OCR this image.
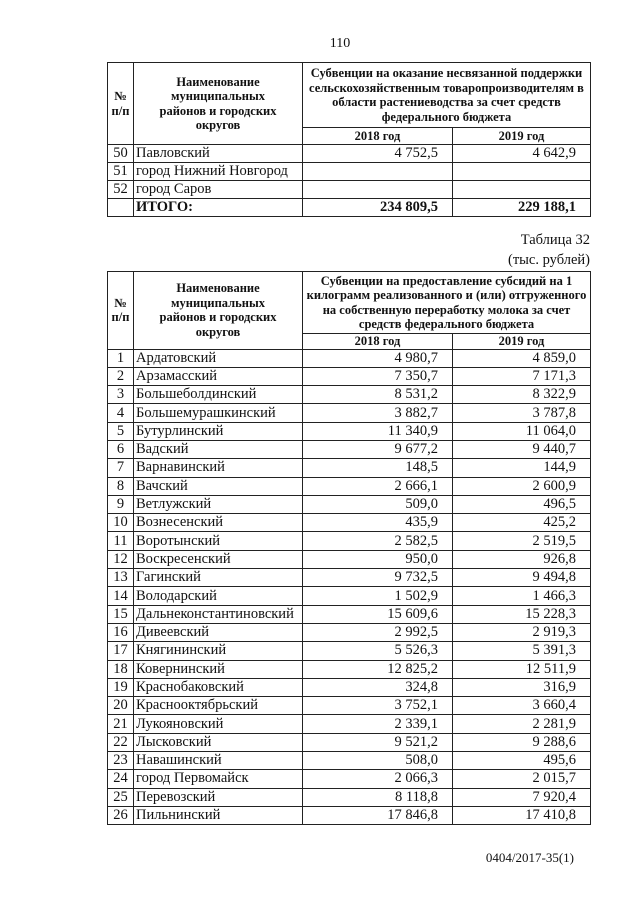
110
№ п/п	Наименование муниципальных районов и городских округов	Субвенции на оказание несвязанной поддержки сельскохозяйственным товаропроизводителям в области растениеводства за счет средств федерального бюджета	
		2018 год	2019 год
50	Павловский	4 752,5	4 642,9
51	город Нижний Новгород		
52	город Саров		
	ИТОГО:	234 809,5	229 188,1
Таблица 32
(тыс. рублей)
№ п/п	Наименование муниципальных районов и городских округов	Субвенции на предоставление субсидий на 1 килограмм реализованного и (или) отгруженного на собственную переработку молока за счет средств федерального бюджета	
		2018 год	2019 год
1	Ардатовский	4 980,7	4 859,0
2	Арзамасский	7 350,7	7 171,3
3	Большеболдинский	8 531,2	8 322,9
4	Большемурашкинский	3 882,7	3 787,8
5	Бутурлинский	11 340,9	11 064,0
6	Вадский	9 677,2	9 440,7
7	Варнавинский	148,5	144,9
8	Вачский	2 666,1	2 600,9
9	Ветлужский	509,0	496,5
10	Вознесенский	435,9	425,2
11	Воротынский	2 582,5	2 519,5
12	Воскресенский	950,0	926,8
13	Гагинский	9 732,5	9 494,8
14	Володарский	1 502,9	1 466,3
15	Дальнеконстантиновский	15 609,6	15 228,3
16	Дивеевский	2 992,5	2 919,3
17	Княгининский	5 526,3	5 391,3
18	Ковернинский	12 825,2	12 511,9
19	Краснобаковский	324,8	316,9
20	Краснооктябрьский	3 752,1	3 660,4
21	Лукояновский	2 339,1	2 281,9
22	Лысковский	9 521,2	9 288,6
23	Навашинский	508,0	495,6
24	город Первомайск	2 066,3	2 015,7
25	Перевозский	8 118,8	7 920,4
26	Пильнинский	17 846,8	17 410,8
0404/2017-35(1)
